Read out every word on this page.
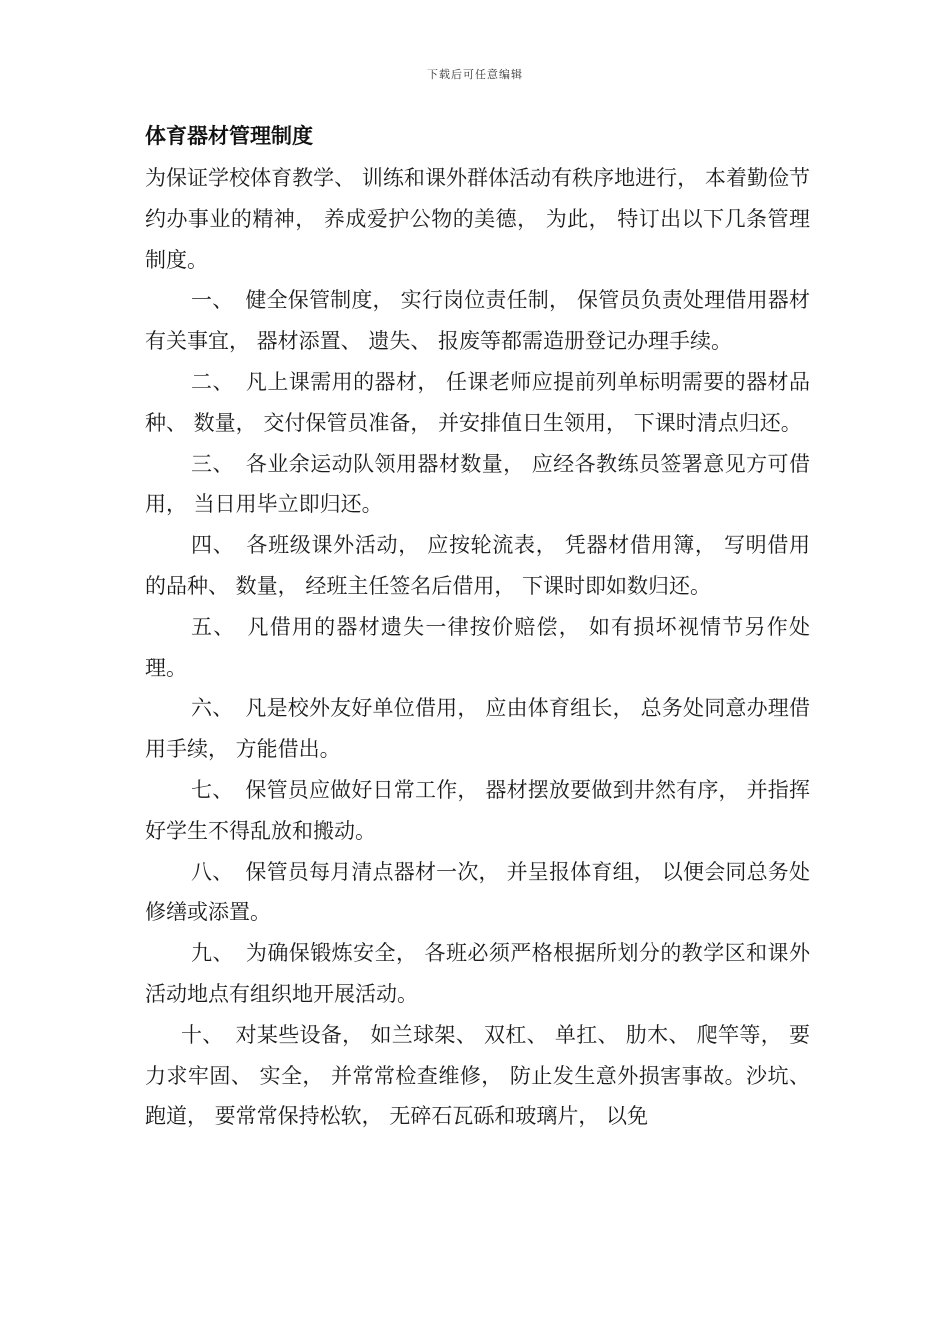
下载后可任意编辑
体育器材管理制度

为保证学校体育教学、 训练和课外群体活动有秩序地进行， 本着勤俭节约办事业的精神， 养成爱护公物的美德， 为此， 特订出以下几条管理制度。

一、 健全保管制度， 实行岗位责任制， 保管员负责处理借用器材有关事宜， 器材添置、 遗失、 报废等都需造册登记办理手续。

二、 凡上课需用的器材， 任课老师应提前列单标明需要的器材品种、 数量， 交付保管员准备， 并安排值日生领用， 下课时清点归还。

三、 各业余运动队领用器材数量， 应经各教练员签署意见方可借用， 当日用毕立即归还。

四、 各班级课外活动， 应按轮流表， 凭器材借用簿， 写明借用的品种、 数量， 经班主任签名后借用， 下课时即如数归还。

五、 凡借用的器材遗失一律按价赔偿， 如有损坏视情节另作处理。

六、 凡是校外友好单位借用， 应由体育组长， 总务处同意办理借用手续， 方能借出。

七、 保管员应做好日常工作， 器材摆放要做到井然有序， 并指挥好学生不得乱放和搬动。

八、 保管员每月清点器材一次， 并呈报体育组， 以便会同总务处修缮或添置。

九、 为确保锻炼安全， 各班必须严格根据所划分的教学区和课外活动地点有组织地开展活动。

十、 对某些设备， 如兰球架、 双杠、 单扛、 肋木、 爬竿等， 要力求牢固、 实全， 并常常检查维修， 防止发生意外损害事故。沙坑、 跑道， 要常常保持松软， 无碎石瓦砾和玻璃片， 以免
